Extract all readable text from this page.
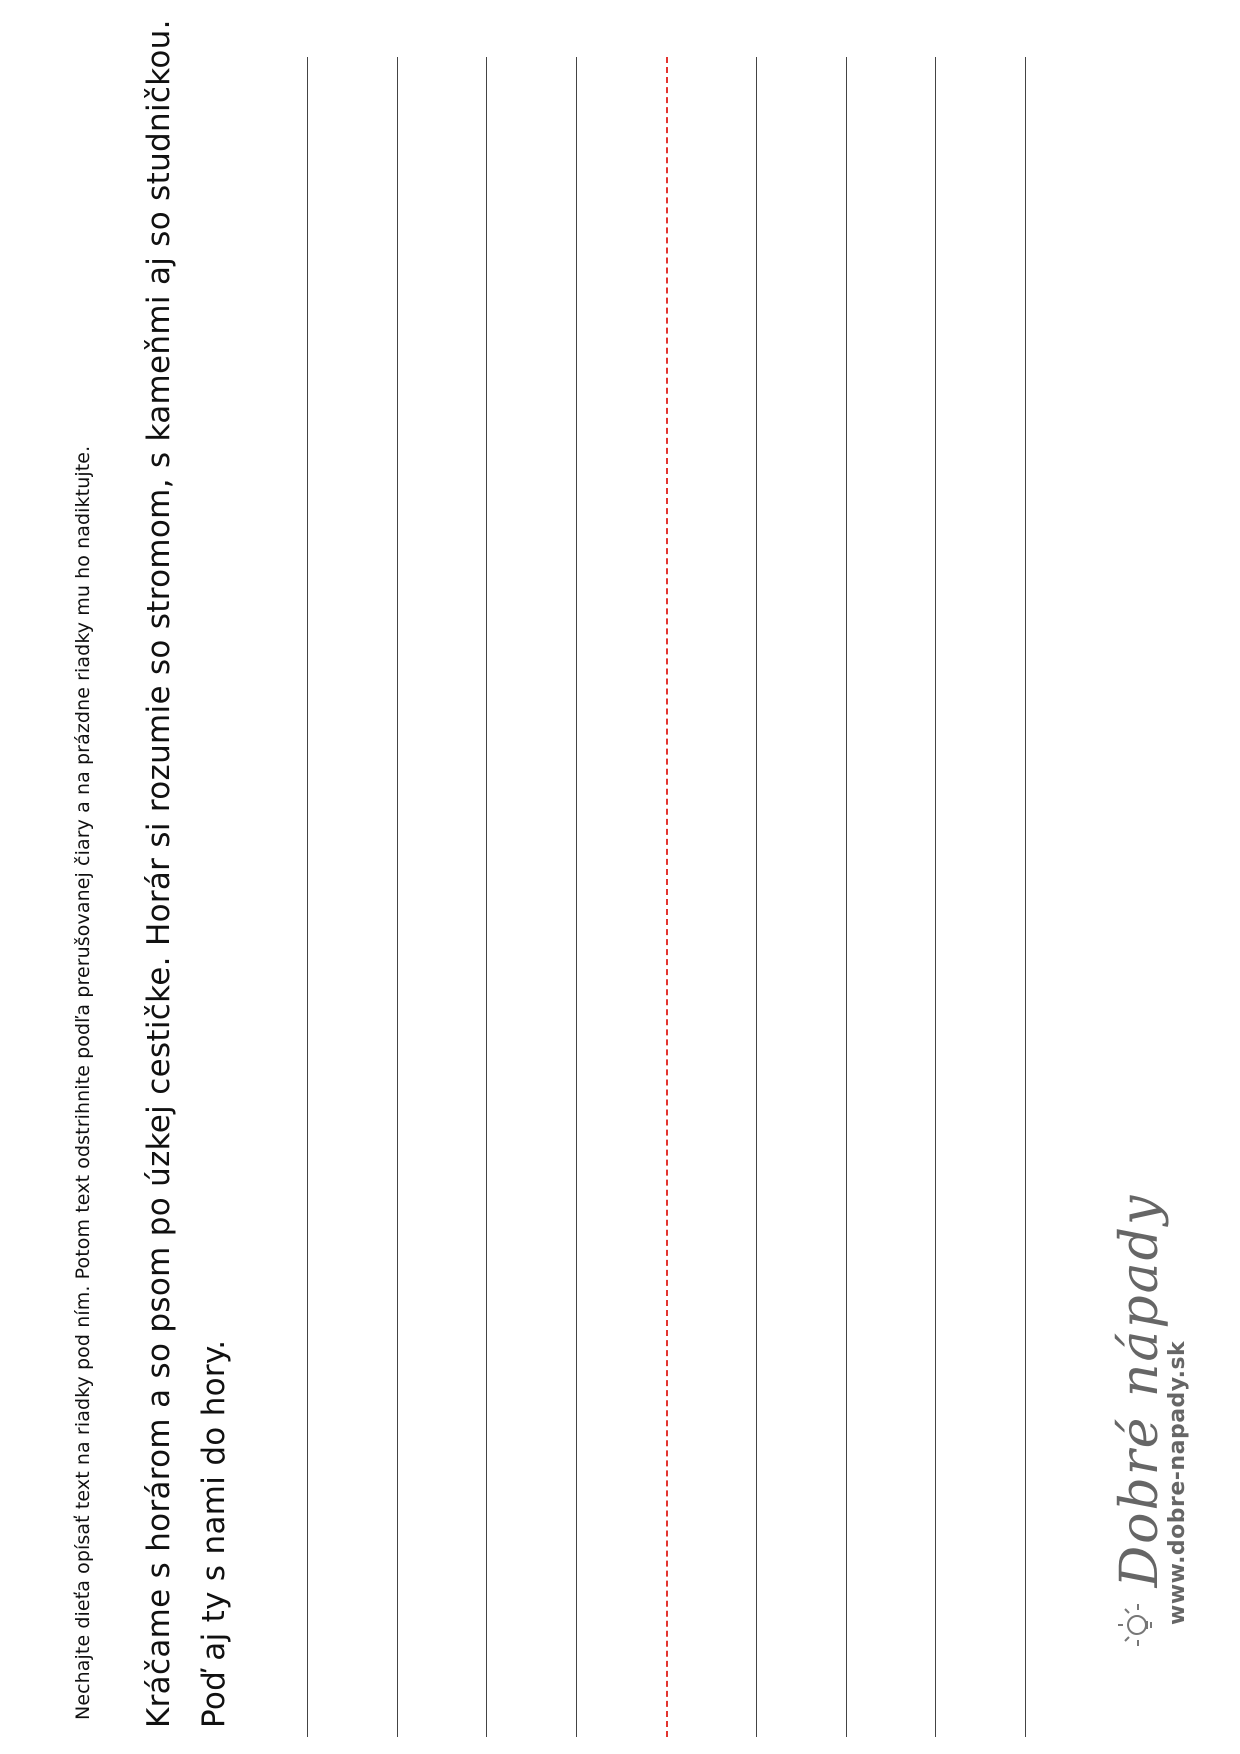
Nechajte dieťa opísať text na riadky pod ním. Potom text odstrihnite podľa prerušovanej čiary a na prázdne riadky mu ho nadiktujte. Kráčame s horárom a so psom po úzkej cestičke. Horár si rozumie so stromom, s kameňmi aj so studničkou. Poď aj ty s nami do hory.	Dobré nápady
www.dobre-napady.sk
